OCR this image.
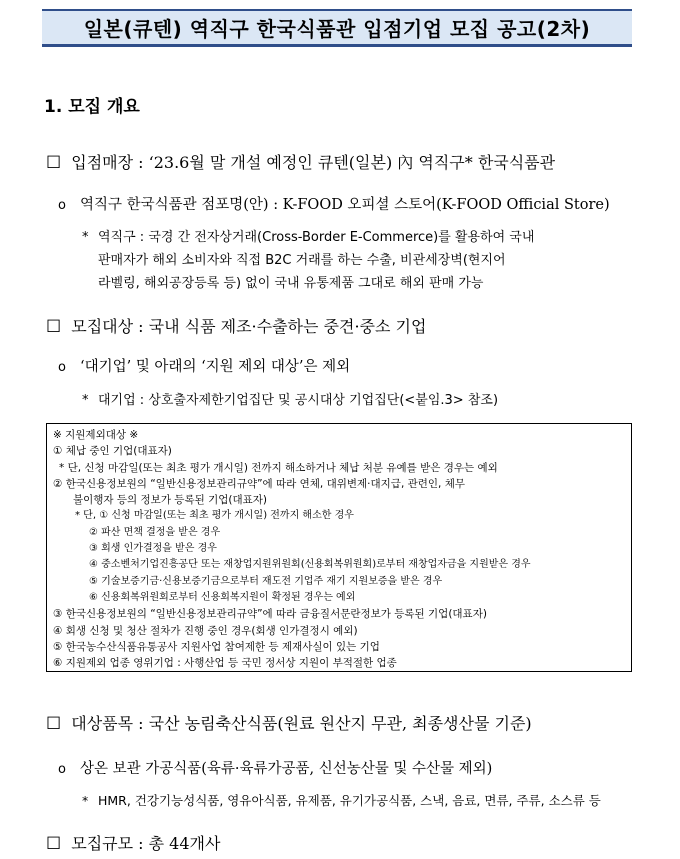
일본(큐텐) 역직구 한국식품관 입점기업 모집 공고(2차)
1. 모집 개요
☐ 입점매장 : ‘23.6월 말 개설 예정인 큐텐(일본) 內 역직구* 한국식품관
o 역직구 한국식품관 점포명(안) : K-FOOD 오피셜 스토어(K-FOOD Official Store)
* 역직구 : 국경 간 전자상거래(Cross-Border E-Commerce)를 활용하여 국내
판매자가 해외 소비자와 직접 B2C 거래를 하는 수출, 비관세장벽(현지어
라벨링, 해외공장등록 등) 없이 국내 유통제품 그대로 해외 판매 가능
☐ 모집대상 : 국내 식품 제조·수출하는 중견·중소 기업
o ‘대기업’ 및 아래의 ‘지원 제외 대상’은 제외
* 대기업 : 상호출자제한기업집단 및 공시대상 기업집단(<붙임.3> 참조)
※ 지원제외대상 ※
① 체납 중인 기업(대표자)
* 단, 신청 마감일(또는 최초 평가 개시일) 전까지 해소하거나 체납 처분 유예를 받은 경우는 예외
② 한국신용정보원의 “일반신용정보관리규약”에 따라 연체, 대위변제·대지급, 관련인, 체무
불이행자 등의 정보가 등록된 기업(대표자)
* 단, ① 신청 마감일(또는 최초 평가 개시일) 전까지 해소한 경우
② 파산 면책 결정을 받은 경우
③ 회생 인가결정을 받은 경우
④ 중소벤처기업진흥공단 또는 재창업지원위원회(신용회복위원회)로부터 재창업자금을 지원받은 경우
⑤ 기술보증기금·신용보증기금으로부터 재도전 기업주 재기 지원보증을 받은 경우
⑥ 신용회복위원회로부터 신용회복지원이 확정된 경우는 예외
③ 한국신용정보원의 “일반신용정보관리규약”에 따라 금융질서문란정보가 등록된 기업(대표자)
④ 회생 신청 및 청산 절차가 진행 중인 경우(회생 인가결정시 예외)
⑤ 한국농수산식품유통공사 지원사업 참여제한 등 제재사실이 있는 기업
⑥ 지원제외 업종 영위기업 : 사행산업 등 국민 정서상 지원이 부적절한 업종
☐ 대상품목 : 국산 농림축산식품(원료 원산지 무관, 최종생산물 기준)
o 상온 보관 가공식품(육류·육류가공품, 신선농산물 및 수산물 제외)
* HMR, 건강기능성식품, 영유아식품, 유제품, 유기가공식품, 스낵, 음료, 면류, 주류, 소스류 등
☐ 모집규모 : 총 44개사
